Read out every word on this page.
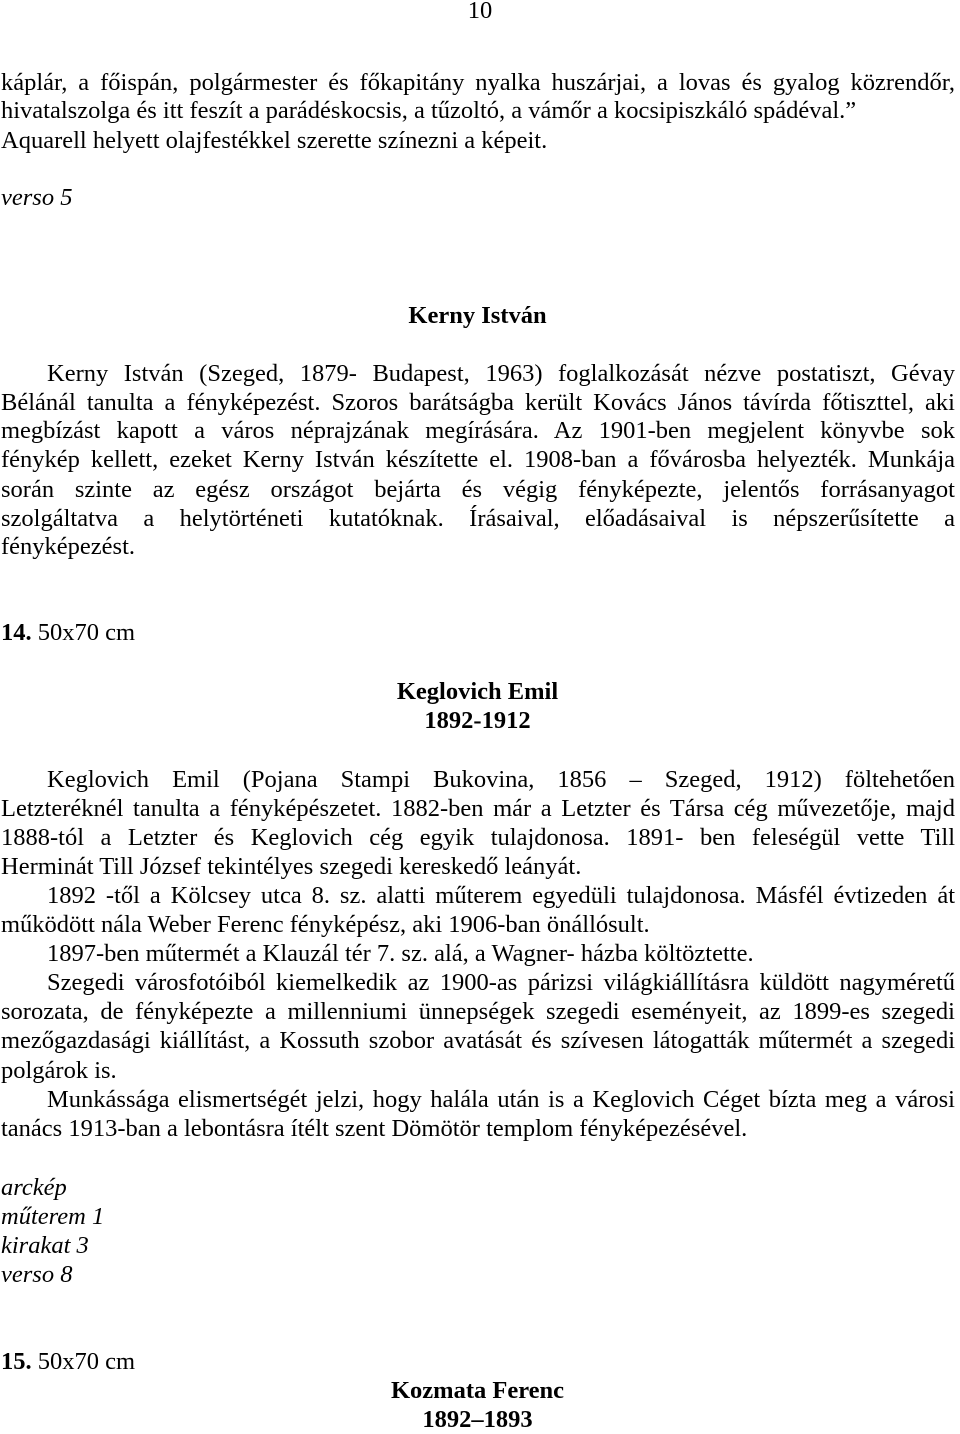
10
káplár, a főispán, polgármester és főkapitány nyalka huszárjai, a lovas és gyalog közrendőr,
hivatalszolga és itt feszít a parádéskocsis, a tűzoltó, a vámőr a kocsipiszkáló spádéval.”
Aquarell helyett olajfestékkel szerette színezni a képeit.
verso 5
Kerny István
Kerny István (Szeged, 1879- Budapest, 1963) foglalkozását nézve postatiszt, Gévay
Bélánál tanulta a fényképezést. Szoros barátságba került Kovács János távírda főtiszttel, aki
megbízást kapott a város néprajzának megírására. Az 1901-ben megjelent könyvbe sok
fénykép kellett, ezeket Kerny István készítette el. 1908-ban a fővárosba helyezték. Munkája
során szinte az egész országot bejárta és végig fényképezte, jelentős forrásanyagot
szolgáltatva a helytörténeti kutatóknak. Írásaival, előadásaival is népszerűsítette a
fényképezést.
14. 50x70 cm
Keglovich Emil
1892-1912
Keglovich Emil (Pojana Stampi Bukovina, 1856 – Szeged, 1912) föltehetően
Letzteréknél tanulta a fényképészetet. 1882-ben már a Letzter és Társa cég művezetője, majd
1888-tól a Letzter és Keglovich cég egyik tulajdonosa. 1891- ben feleségül vette Till
Herminát Till József tekintélyes szegedi kereskedő leányát.
1892 -től a Kölcsey utca 8. sz. alatti műterem egyedüli tulajdonosa. Másfél évtizeden át
működött nála Weber Ferenc fényképész, aki 1906-ban önállósult.
1897-ben műtermét a Klauzál tér 7. sz. alá, a Wagner- házba költöztette.
Szegedi városfotóiból kiemelkedik az 1900-as párizsi világkiállításra küldött nagyméretű
sorozata, de fényképezte a millenniumi ünnepségek szegedi eseményeit, az 1899-es szegedi
mezőgazdasági kiállítást, a Kossuth szobor avatását és szívesen látogatták műtermét a szegedi
polgárok is.
Munkássága elismertségét jelzi, hogy halála után is a Keglovich Céget bízta meg a városi
tanács 1913-ban a lebontásra ítélt szent Dömötör templom fényképezésével.
arckép
műterem 1
kirakat 3
verso 8
15. 50x70 cm
Kozmata Ferenc
1892–1893
